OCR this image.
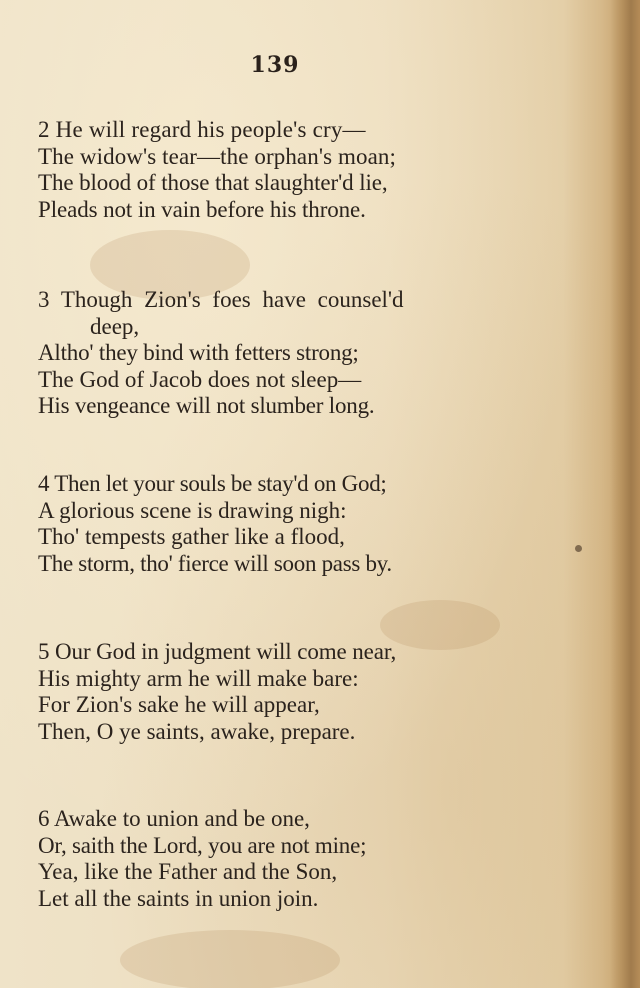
139
2 He will regard his people's cry—
The widow's tear—the orphan's moan;
The blood of those that slaughter'd lie,
Pleads not in vain before his throne.
3 Though Zion's foes have counsel'd
deep,
Altho' they bind with fetters strong;
The God of Jacob does not sleep—
His vengeance will not slumber long.
4 Then let your souls be stay'd on God;
A glorious scene is drawing nigh:
Tho' tempests gather like a flood,
The storm, tho' fierce will soon pass by.
5 Our God in judgment will come near,
His mighty arm he will make bare:
For Zion's sake he will appear,
Then, O ye saints, awake, prepare.
6 Awake to union and be one,
Or, saith the Lord, you are not mine;
Yea, like the Father and the Son,
Let all the saints in union join.
